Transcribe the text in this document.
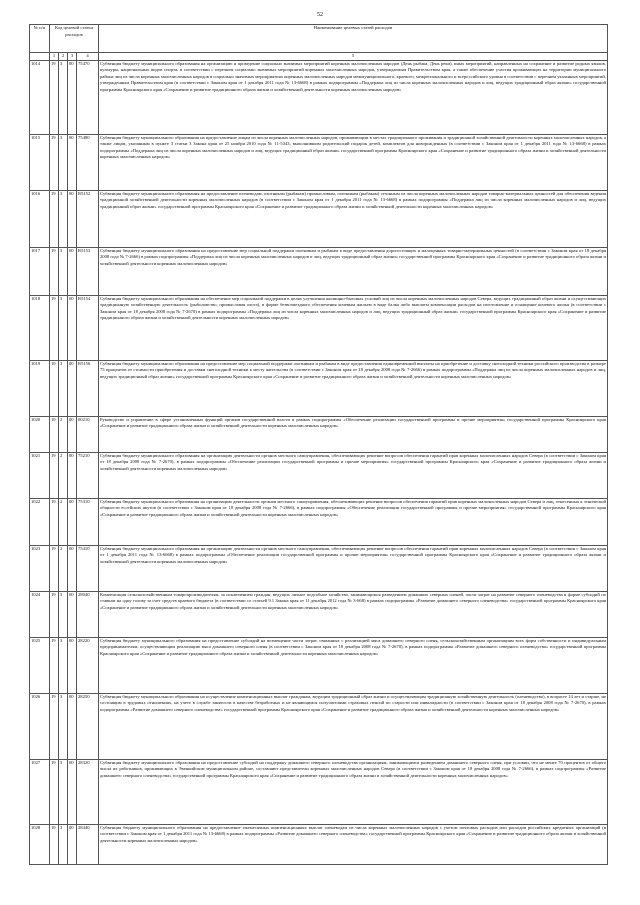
52
№ п/п	Код целевой статьи расходов				Наименование целевых статей расходов
	1	2	3	4	5
1014	19	3	00	75470	Субвенция бюджету муниципального образования на организацию и проведение социально значимых мероприятий коренных малочисленных народов (День рыбака, День реки), иных мероприятий, направленных на сохранение и развитие родных языков, культуры, национальных видов спорта, в соответствии с перечнем социально значимых мероприятий коренных малочисленных народов, утверждаемым Правительством края, а также обеспечение участия проживающих на территории муниципального района лиц из числа коренных малочисленных народов в социально значимых мероприятиях коренных малочисленных народов межмуниципального, краевого, межрегионального и всероссийского уровня в соответствии с перечнем указанных мероприятий, утвержденным Правительством края (в соответствии с Законом края от 1 декабря 2011 года № 13-6668) в рамках подпрограммы «Поддержка лиц из числа коренных малочисленных народов и лиц, ведущих традиционный образ жизни» государственной программы Красноярского края «Сохранение и развитие традиционного образа жизни и хозяйственной деятельности коренных малочисленных народов»
1015	19	3	00	75480	Субвенция бюджету муниципального образования на предоставление лицам из числа коренных малочисленных народов, проживающим в местах традиционного проживания и традиционной хозяйственной деятельности коренных малочисленных народов, а также лицам, указанным в пункте 3 статьи 3 Закона края от 25 ноября 2010 года № 11-5343, выполнившим родительский подарок детей, комплектов для новорожденных (в соответствии с Законом края от 1 декабря 2011 года № 13-6668) в рамках подпрограммы «Поддержка лиц из числа коренных малочисленных народов и лиц, ведущих традиционный образ жизни» государственной программы Красноярского края «Сохранение и развитие традиционного образа жизни и хозяйственной деятельности коренных малочисленных народов»
1016	19	3	00	R5152	Субвенция бюджету муниципального образования на предоставление оленеводам, охотникам (рыбакам) промысловым, охотникам (рыбакам) сезонным из числа коренных малочисленных народов товарно-материальных ценностей для обеспечения ведения традиционной хозяйственной деятельности коренных малочисленных народов (в соответствии с Законом края от 1 декабря 2011 года № 13-6668) в рамках подпрограммы «Поддержка лиц из числа коренных малочисленных народов и лиц, ведущих традиционный образ жизни» государственной программы Красноярского края «Сохранение и развитие традиционного образа жизни и хозяйственной деятельности коренных малочисленных народов»
1017	19	3	00	R5153	Субвенция бюджету муниципального образования на предоставление мер социальной поддержки охотникам и рыбакам в виде предоставления дорогостоящих и малоценных товарно-материальных ценностей (в соответствии с Законом края от 18 декабря 2008 года № 7-2666) в рамках подпрограммы «Поддержка лиц из числа коренных малочисленных народов и лиц, ведущих традиционный образ жизни» государственной программы Красноярского края «Сохранение и развитие традиционного образа жизни и хозяйственной деятельности коренных малочисленных народов»
1018	19	3	00	R5154	Субвенция бюджету муниципального образования на обеспечение мер социальной поддержки в целях улучшения жилищно-бытовых условий лиц из числа коренных малочисленных народов Севера, ведущих традиционный образ жизни и осуществляющих традиционную хозяйственную деятельность (рыболовство, промысловая охота), в форме безвозмездного обеспечения кочевым жильем в виде балка либо выплаты компенсации расходов на изготовление и оснащение кочевого жилья (в соответствии с Законом края от 18 декабря 2008 года № 7-2670) в рамках подпрограммы «Поддержка лиц из числа коренных малочисленных народов и лиц, ведущих традиционный образ жизни» государственной программы Красноярского края «Сохранение и развитие традиционного образа жизни и хозяйственной деятельности коренных малочисленных народов»
1019	19	3	00	R5156	Субвенция бюджету муниципального образования на предоставление мер социальной поддержки охотникам и рыбакам в виде предоставления единовременной выплаты на приобретение и доставку снегоходной техники российского производства в размере 75 процентов от стоимости приобретения и доставки снегоходной техники к месту жительства (в соответствии с Законом края от 18 декабря 2008 года № 7-2666) в рамках подпрограммы «Поддержка лиц из числа коренных малочисленных народов и лиц, ведущих традиционный образ жизни» государственной программы Красноярского края «Сохранение и развитие традиционного образа жизни и хозяйственной деятельности коренных малочисленных народов»
1020	19	2	00	00210	Руководство и управление в сфере установленных функций органов государственной власти в рамках подпрограммы «Обеспечение реализации государственной программы и прочие мероприятия» государственной программы Красноярского края «Сохранение и развитие традиционного образа жизни и хозяйственной деятельности коренных малочисленных народов»
1021	19	2	00	75210	Субвенция бюджету муниципального образования на организацию деятельности органов местного самоуправления, обеспечивающих решение вопросов обеспечения гарантий прав коренных малочисленных народов Севера (в соответствии с Законом края от 18 декабря 2008 года № 7-2670), в рамках подпрограммы «Обеспечение реализации государственной программы и прочие мероприятия» государственной программы Красноярского края «Сохранение и развитие традиционного образа жизни и хозяйственной деятельности коренных малочисленных народов»
1022	19	2	00	75310	Субвенция бюджету муниципального образования на организацию деятельности органов местного самоуправления, обеспечивающих решение вопросов обеспечения гарантий прав коренных малочисленных народов Севера и лиц, отнесенных к этнической общности ессейских якутов (в соответствии с Законом края от 18 декабря 2008 года № 7-2666), в рамках подпрограммы «Обеспечение реализации государственной программы и прочие мероприятия» государственной программы Красноярского края «Сохранение и развитие традиционного образа жизни и хозяйственной деятельности коренных малочисленных народов»
1023	19	2	00	75410	Субвенция бюджету муниципального образования на организацию деятельности органов местного самоуправления, обеспечивающих решение вопросов обеспечения гарантий прав коренных малочисленных народов Севера (в соответствии с Законом края от 1 декабря 2011 года № 13-6668) в рамках подпрограммы «Обеспечение реализации государственной программы и прочие мероприятия» государственной программы Красноярского края «Сохранение и развитие традиционного образа жизни и хозяйственной деятельности коренных малочисленных народов»
1024	19	3	00	28040	Компенсация сельскохозяйственным товаропроизводителям, за исключением граждан, ведущих личное подсобное хозяйство, занимающимся разведением домашних северных оленей, части затрат на развитие северного оленеводства в форме субсидий по ставкам на одну голову за счет средств краевого бюджета (в соответствии со статьей 9.1 Закона края от 11 декабря 2012 года № 3-668) в рамках подпрограммы «Развитие домашнего северного оленеводства» государственной программы Красноярского края «Сохранение и развитие традиционного образа жизни и хозяйственной деятельности коренных малочисленных народов»
1025	19	3	00	28220	Субвенция бюджету муниципального образования на предоставление субсидий на возмещение части затрат, связанных с реализацией мяса домашнего северного оленя, сельскохозяйственным организациям всех форм собственности и индивидуальным предпринимателям, осуществляющим реализацию мяса домашнего северного оленя (в соответствии с Законом края от 18 декабря 2008 года № 7-2670), в рамках подпрограммы «Развитие домашнего северного оленеводства» государственной программы Красноярского края «Сохранение и развитие традиционного образа жизни и хозяйственной деятельности коренных малочисленных народов»
1026	19	3	00	28250	Субвенция бюджету муниципального образования на осуществление компенсационных выплат гражданам, ведущим традиционный образ жизни и осуществляющим традиционную хозяйственную деятельность (оленеводство), в возрасте 14 лет и старше, не состоящим в трудовых отношениях, на учете в службе занятости в качестве безработных и не являющимся получателями страховых пенсий по старости или инвалидности (в соответствии с Законом края от 18 декабря 2008 года № 7-2670), в рамках подпрограммы «Развитие домашнего северного оленеводства» государственной программы Красноярского края «Сохранение и развитие традиционного образа жизни и хозяйственной деятельности коренных малочисленных народов»
1027	19	3	00	28320	Субвенция бюджету муниципального образования на предоставление субсидий на поддержку домашнего северного оленеводства организациям, занимающимся разведением домашнего северного оленя, при условии, что не менее 70 процентов от общего числа их работников, проживающих в Эвенкийском муниципальном районе, составляют представители коренных малочисленных народов Севера (в соответствии с Законом края от 18 декабря 2008 года № 7-2666), в рамках подпрограммы «Развитие домашнего северного оленеводства» государственной программы Красноярского края «Сохранение и развитие традиционного образа жизни и хозяйственной деятельности коренных малочисленных народов»
1028	19	3	00	28440	Субвенция бюджету муниципального образования на предоставление ежемесячных компенсационных выплат оленеводам из числа коренных малочисленных народов с учетом почтовых расходов или расходов российских кредитных организаций (в соответствии с Законом края от 1 декабря 2011 года № 13-6668) в рамках подпрограммы «Развитие домашнего северного оленеводства» государственной программы Красноярского края «Сохранение и развитие традиционного образа жизни и хозяйственной деятельности коренных малочисленных народов»
